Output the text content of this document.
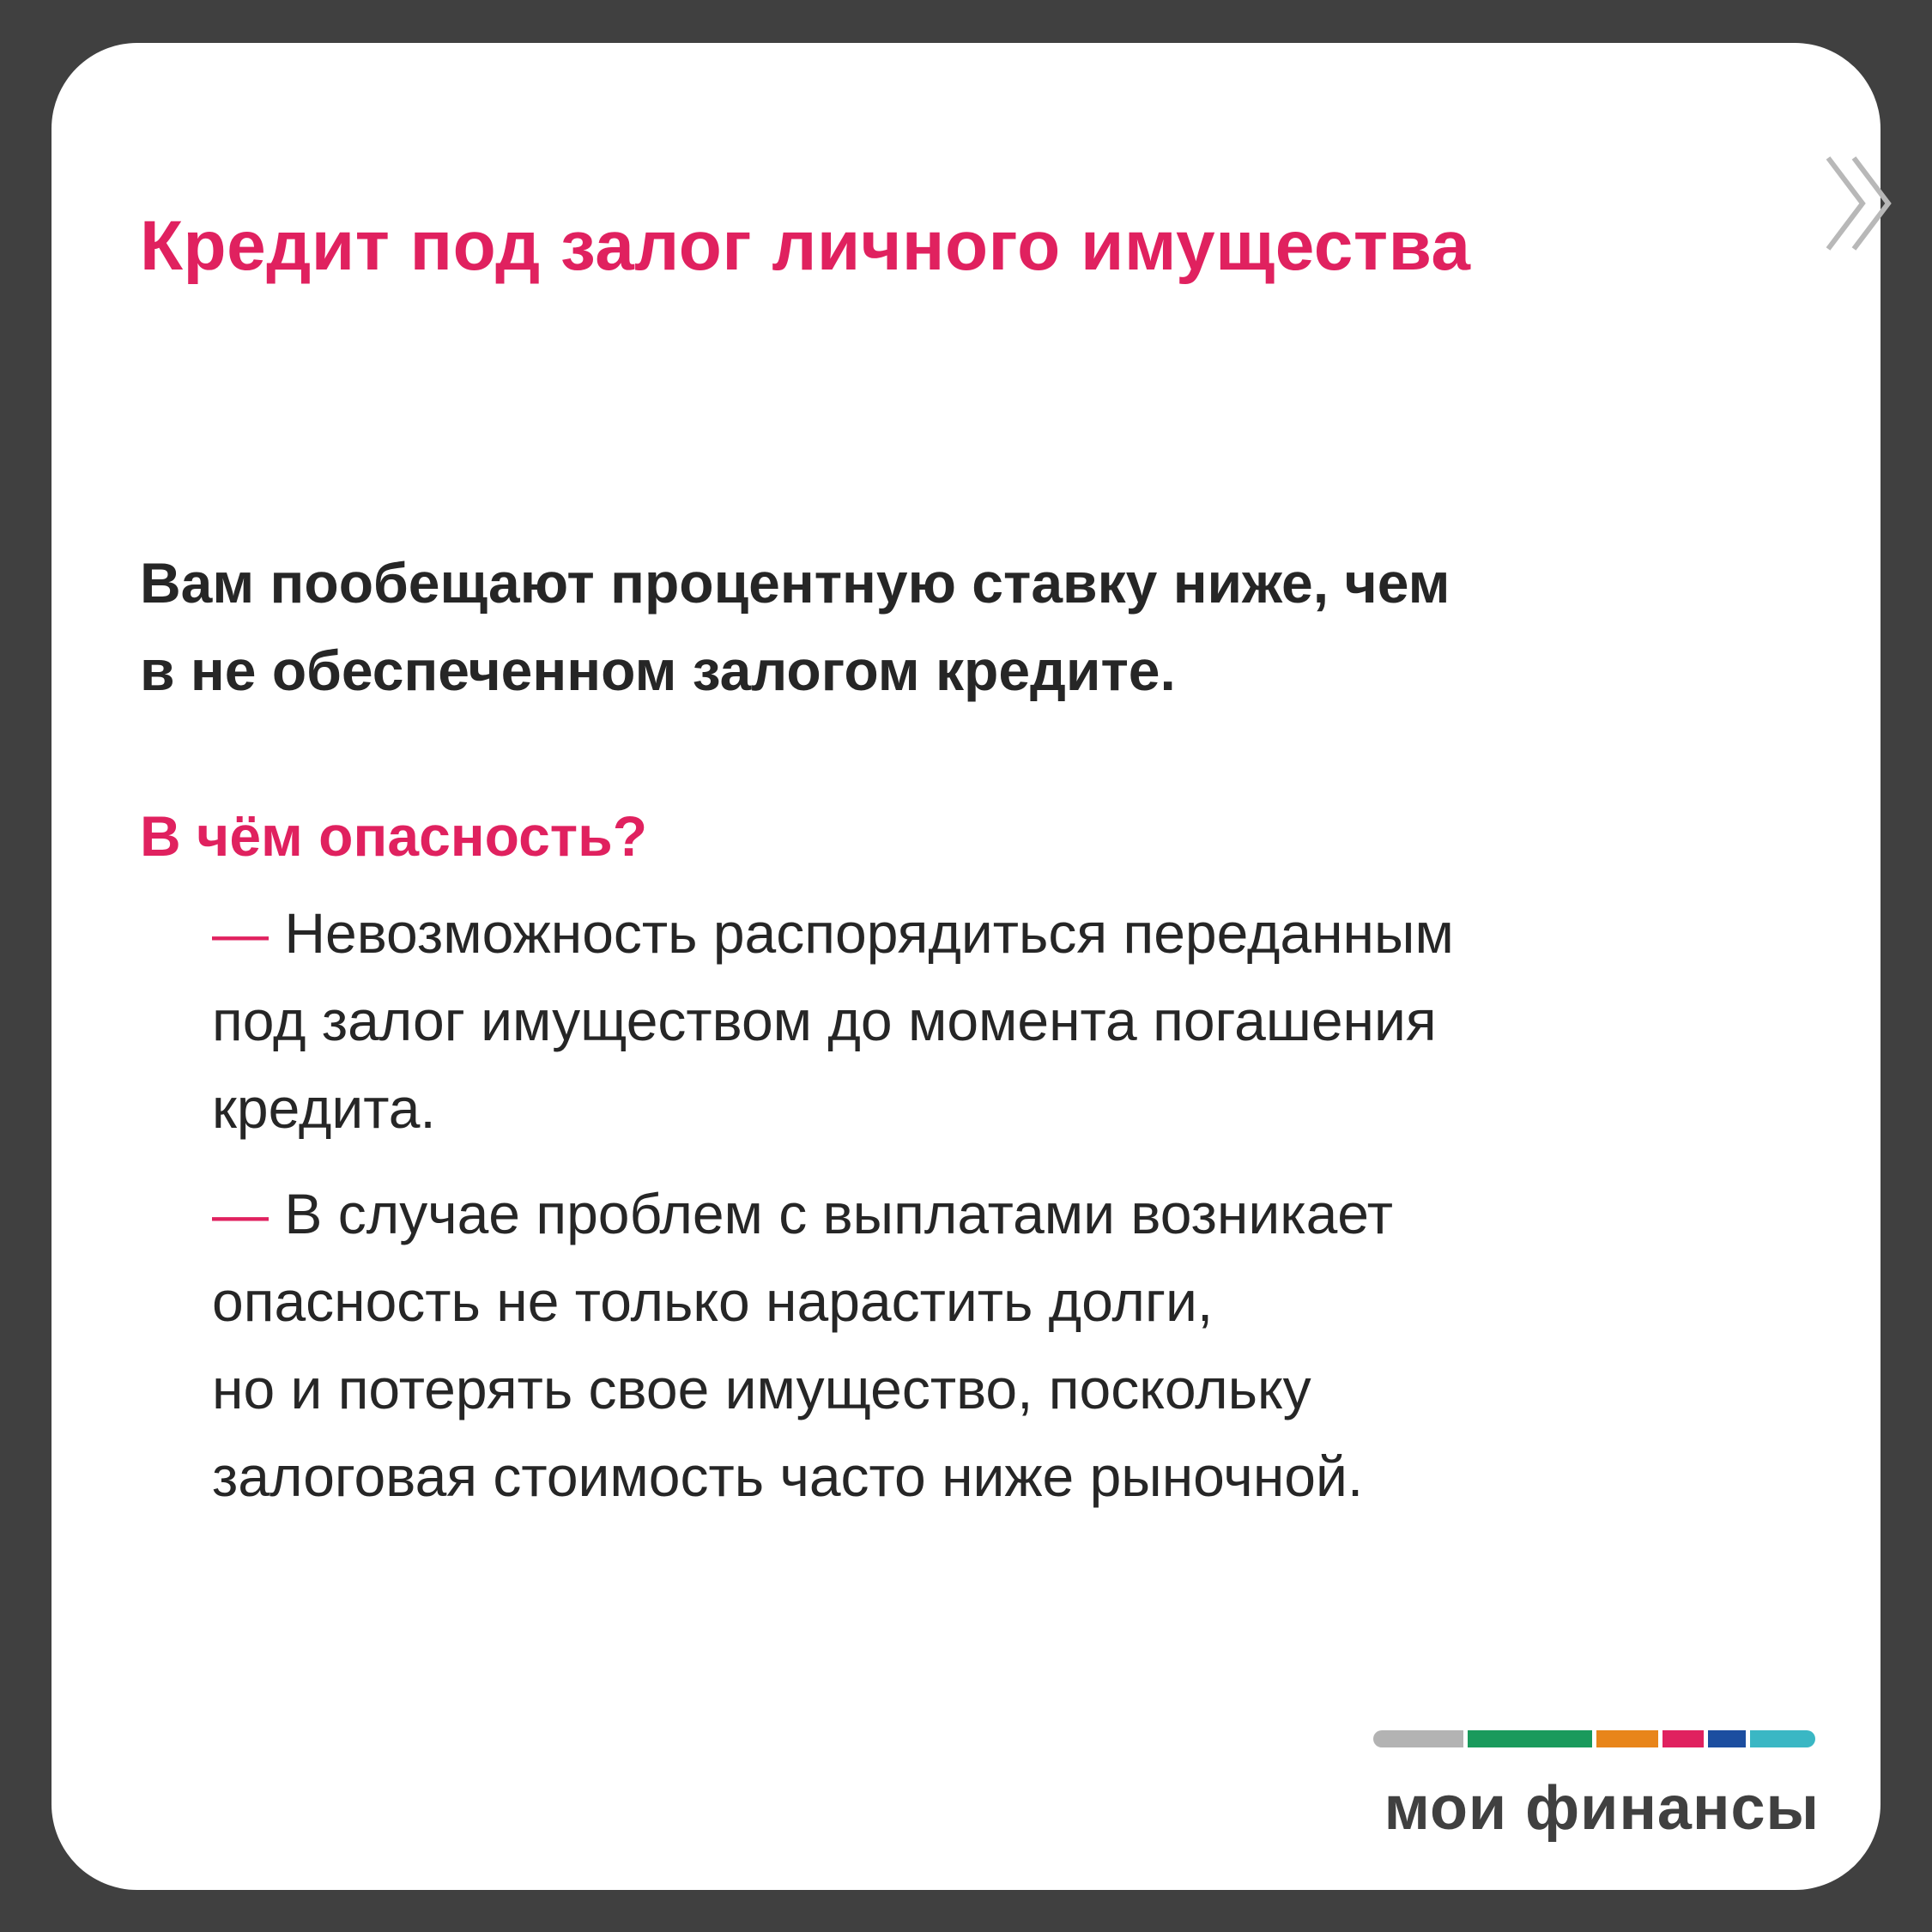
Кредит под залог личного имущества

Вам пообещают процентную ставку ниже, чем
в не обеспеченном залогом кредите.

В чём опасность?
— Невозможность распорядиться переданным
под залог имуществом до момента погашения
кредита.
— В случае проблем с выплатами возникает
опасность не только нарастить долги,
но и потерять свое имущество, поскольку
залоговая стоимость часто ниже рыночной.
мои финансы
